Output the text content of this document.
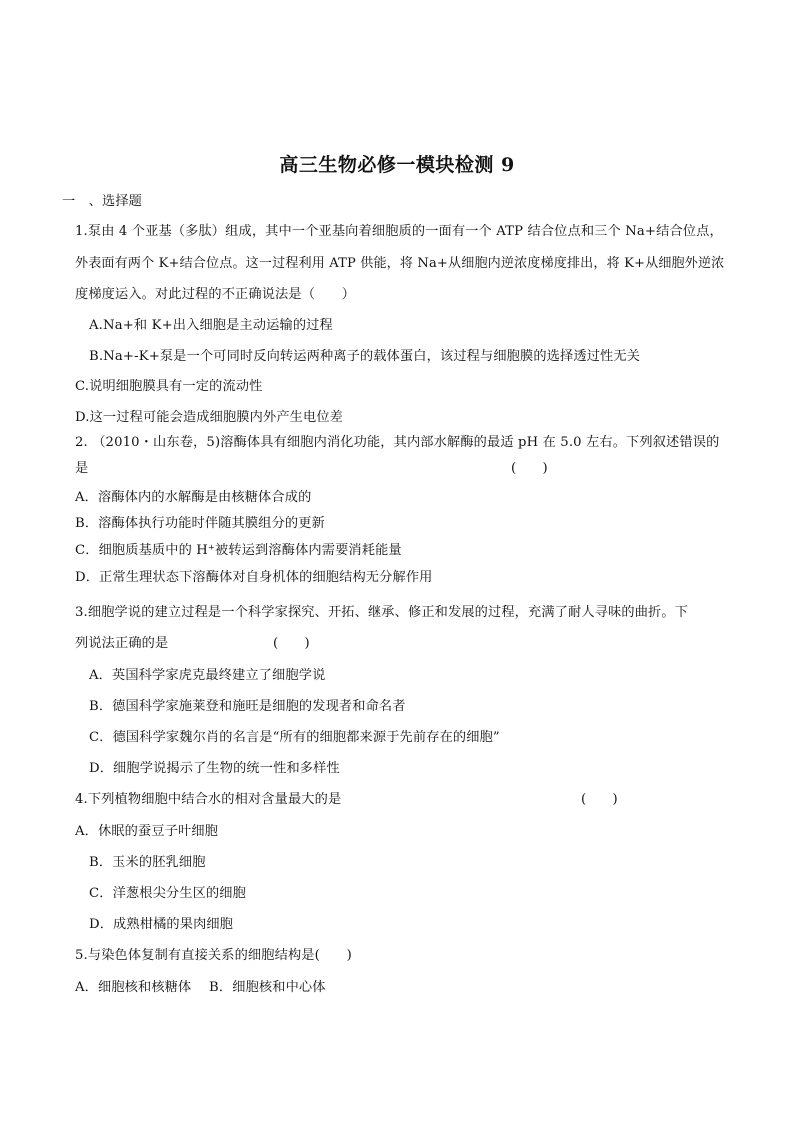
高三生物必修一模块检测 9
一　、选择题
1.泵由 4 个亚基（多肽）组成，其中一个亚基向着细胞质的一面有一个 ATP 结合位点和三个 Na+结合位点，
外表面有两个 K+结合位点。这一过程利用 ATP 供能，将 Na+从细胞内逆浓度梯度排出，将 K+从细胞外逆浓
度梯度运入。对此过程的不正确说法是（　　）
A.Na+和 K+出入细胞是主动运输的过程
B.Na+-K+泵是一个可同时反向转运两种离子的载体蛋白，该过程与细胞膜的选择透过性无关
C.说明细胞膜具有一定的流动性
D.这一过程可能会造成细胞膜内外产生电位差
2. （2010・山东卷，5)溶酶体具有细胞内消化功能，其内部水解酶的最适 pH 在 5.0 左右。下列叙述错误的
是	(　　)
A．溶酶体内的水解酶是由核糖体合成的
B．溶酶体执行功能时伴随其膜组分的更新
C．细胞质基质中的 H⁺被转运到溶酶体内需要消耗能量
D．正常生理状态下溶酶体对自身机体的细胞结构无分解作用
3.细胞学说的建立过程是一个科学家探究、开拓、继承、修正和发展的过程，充满了耐人寻味的曲折。下
列说法正确的是	(　　)
A．英国科学家虎克最终建立了细胞学说
B．德国科学家施莱登和施旺是细胞的发现者和命名者
C．德国科学家魏尔肖的名言是“所有的细胞都来源于先前存在的细胞”
D．细胞学说揭示了生物的统一性和多样性
4.下列植物细胞中结合水的相对含量最大的是	(　　)
A．休眠的蚕豆子叶细胞
B．玉米的胚乳细胞
C．洋葱根尖分生区的细胞
D．成熟柑橘的果肉细胞
5.与染色体复制有直接关系的细胞结构是(　　)
A．细胞核和核糖体　 B．细胞核和中心体
